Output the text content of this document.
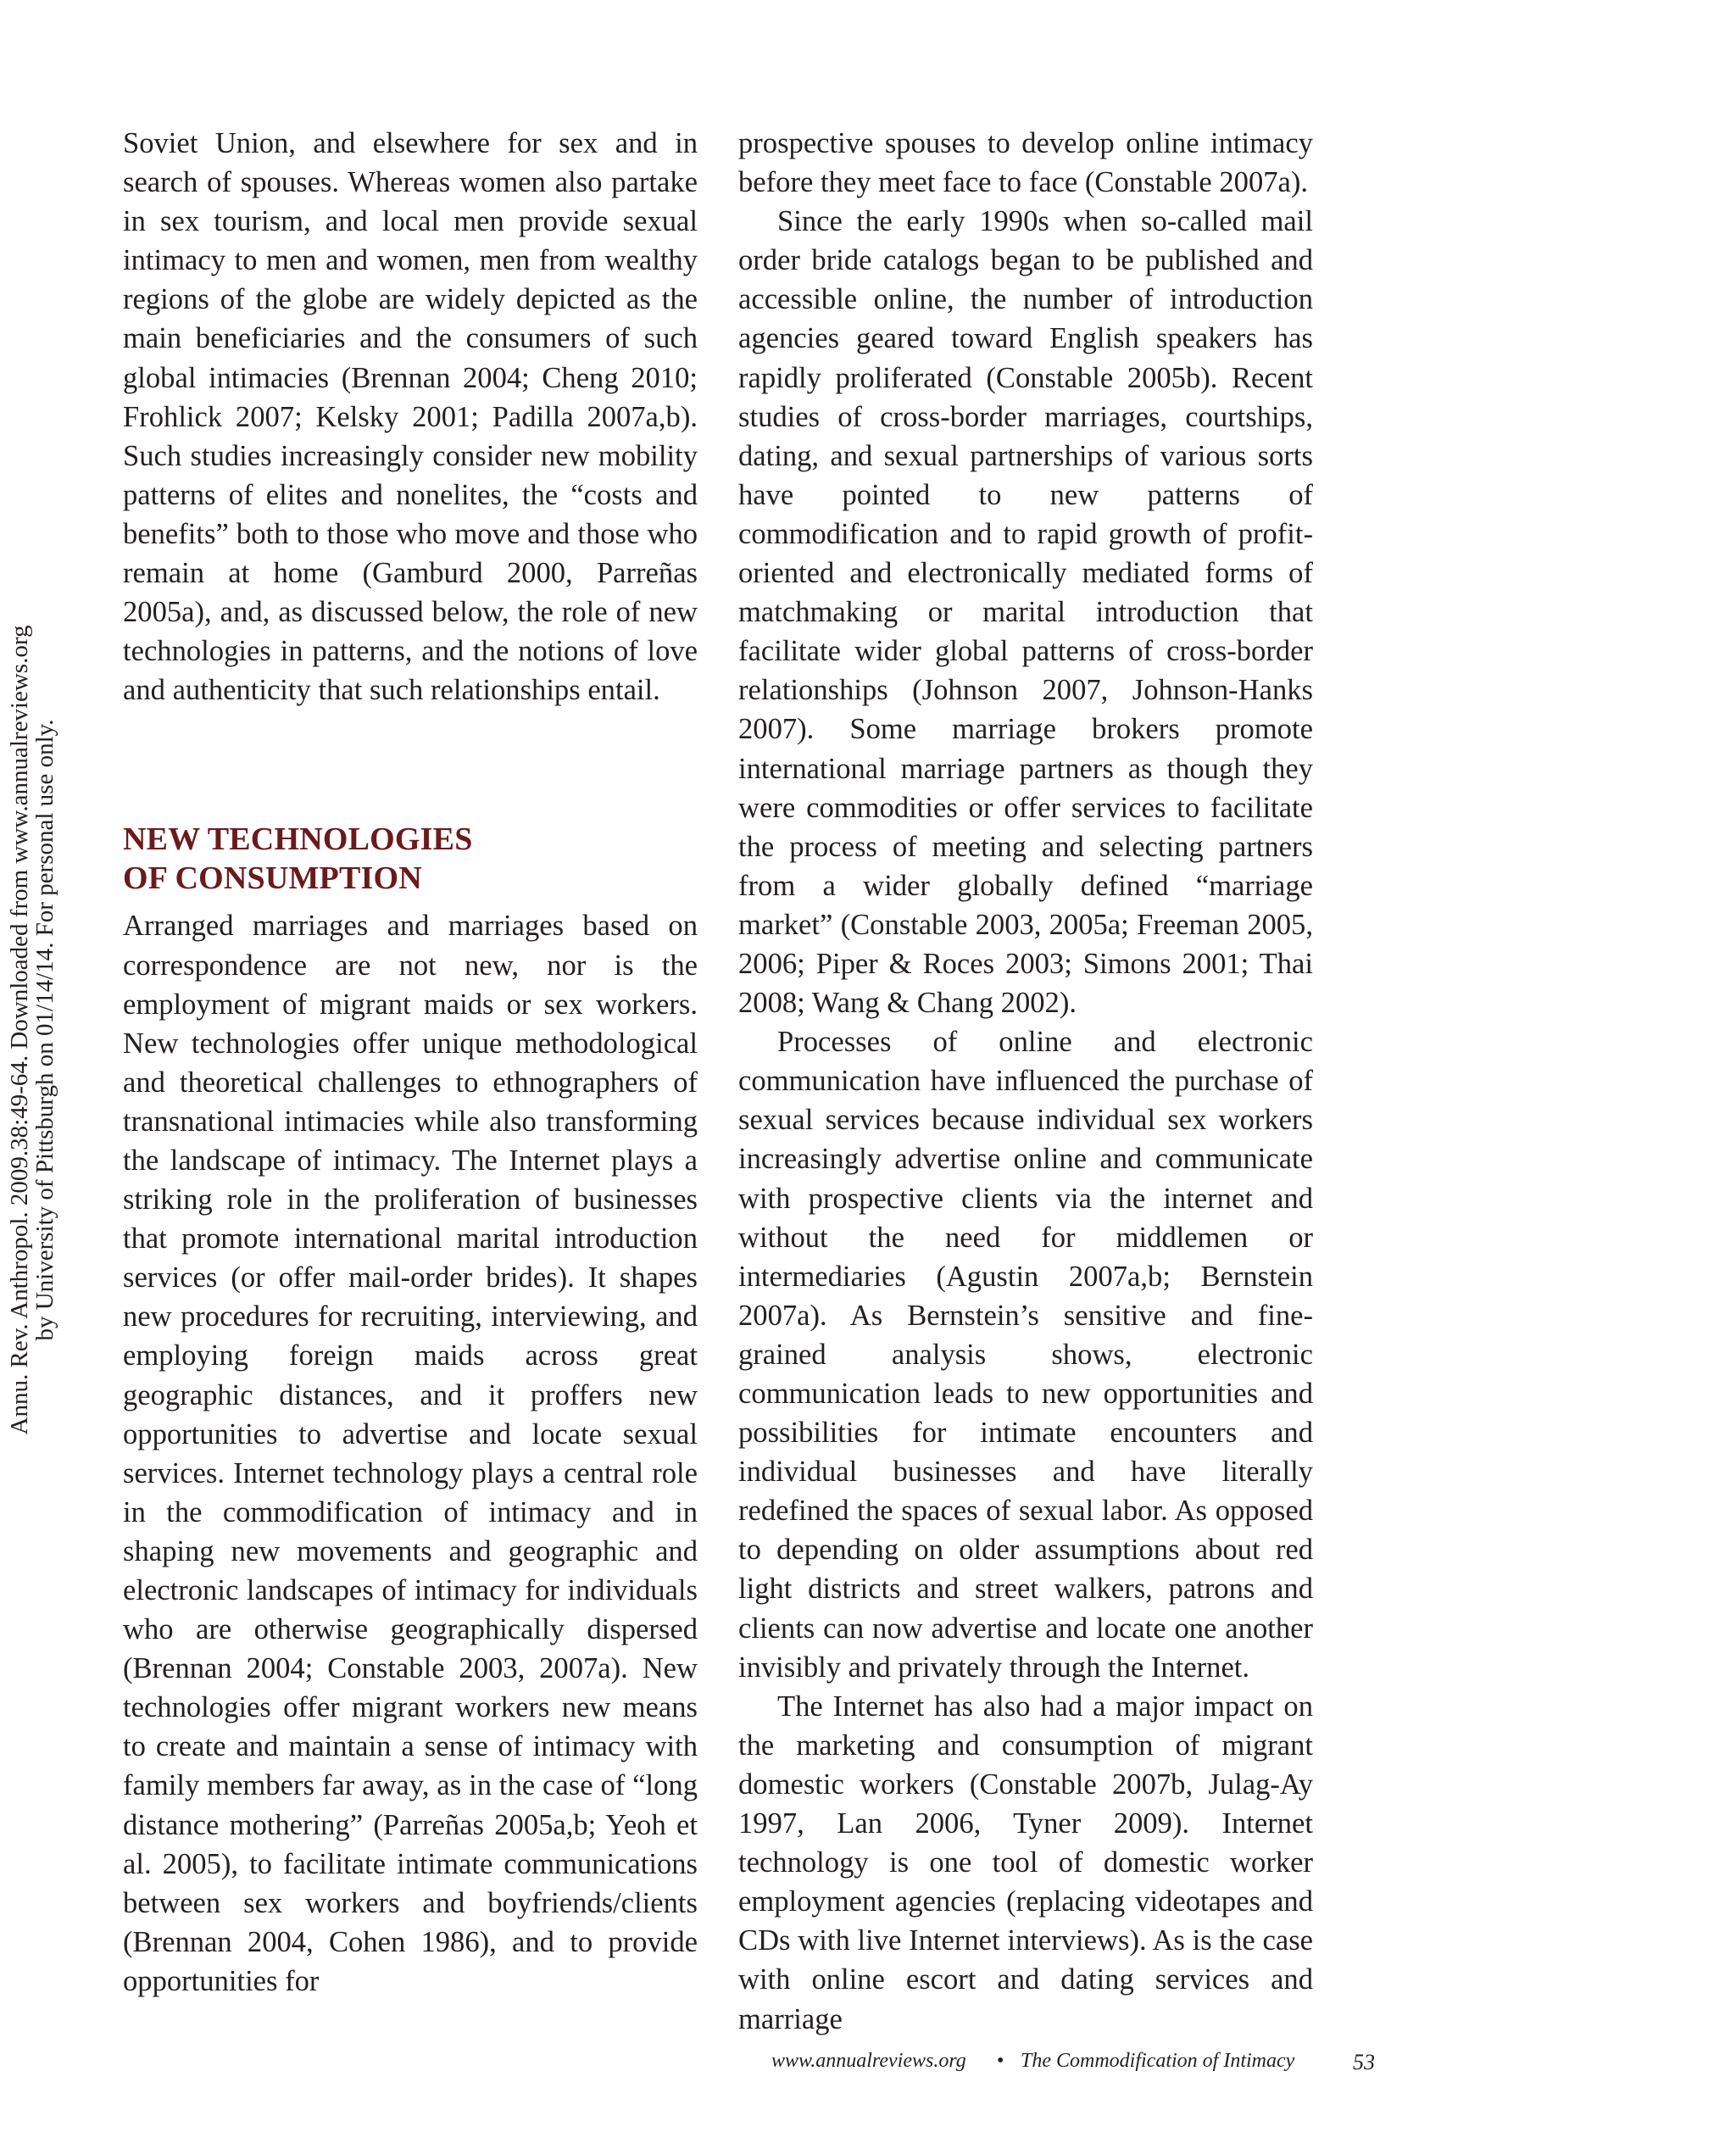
Annu. Rev. Anthropol. 2009.38:49-64. Downloaded from www.annualreviews.org
by University of Pittsburgh on 01/14/14. For personal use only.

Soviet Union, and elsewhere for sex and in search of spouses. Whereas women also partake in sex tourism, and local men provide sexual intimacy to men and women, men from wealthy regions of the globe are widely depicted as the main beneficiaries and the consumers of such global intimacies (Brennan 2004; Cheng 2010; Frohlick 2007; Kelsky 2001; Padilla 2007a,b). Such studies increasingly consider new mobility patterns of elites and nonelites, the “costs and benefits” both to those who move and those who remain at home (Gamburd 2000, Parreñas 2005a), and, as discussed below, the role of new technologies in patterns, and the notions of love and authenticity that such relationships entail.

NEW TECHNOLOGIES
OF CONSUMPTION

Arranged marriages and marriages based on correspondence are not new, nor is the employment of migrant maids or sex workers. New technologies offer unique methodological and theoretical challenges to ethnographers of transnational intimacies while also transforming the landscape of intimacy. The Internet plays a striking role in the proliferation of businesses that promote international marital introduction services (or offer mail-order brides). It shapes new procedures for recruiting, interviewing, and employing foreign maids across great geographic distances, and it proffers new opportunities to advertise and locate sexual services. Internet technology plays a central role in the commodification of intimacy and in shaping new movements and geographic and electronic landscapes of intimacy for individuals who are otherwise geographically dispersed (Brennan 2004; Constable 2003, 2007a). New technologies offer migrant workers new means to create and maintain a sense of intimacy with family members far away, as in the case of “long distance mothering” (Parreñas 2005a,b; Yeoh et al. 2005), to facilitate intimate communications between sex workers and boyfriends/clients (Brennan 2004, Cohen 1986), and to provide opportunities for

prospective spouses to develop online intimacy before they meet face to face (Constable 2007a).

Since the early 1990s when so-called mail order bride catalogs began to be published and accessible online, the number of introduction agencies geared toward English speakers has rapidly proliferated (Constable 2005b). Recent studies of cross-border marriages, courtships, dating, and sexual partnerships of various sorts have pointed to new patterns of commodification and to rapid growth of profit-oriented and electronically mediated forms of matchmaking or marital introduction that facilitate wider global patterns of cross-border relationships (Johnson 2007, Johnson-Hanks 2007). Some marriage brokers promote international marriage partners as though they were commodities or offer services to facilitate the process of meeting and selecting partners from a wider globally defined “marriage market” (Constable 2003, 2005a; Freeman 2005, 2006; Piper & Roces 2003; Simons 2001; Thai 2008; Wang & Chang 2002).

Processes of online and electronic communication have influenced the purchase of sexual services because individual sex workers increasingly advertise online and communicate with prospective clients via the internet and without the need for middlemen or intermediaries (Agustin 2007a,b; Bernstein 2007a). As Bernstein’s sensitive and fine-grained analysis shows, electronic communication leads to new opportunities and possibilities for intimate encounters and individual businesses and have literally redefined the spaces of sexual labor. As opposed to depending on older assumptions about red light districts and street walkers, patrons and clients can now advertise and locate one another invisibly and privately through the Internet.

The Internet has also had a major impact on the marketing and consumption of migrant domestic workers (Constable 2007b, Julag-Ay 1997, Lan 2006, Tyner 2009). Internet technology is one tool of domestic worker employment agencies (replacing videotapes and CDs with live Internet interviews). As is the case with online escort and dating services and marriage

www.annualreviews.org • The Commodification of Intimacy	53
